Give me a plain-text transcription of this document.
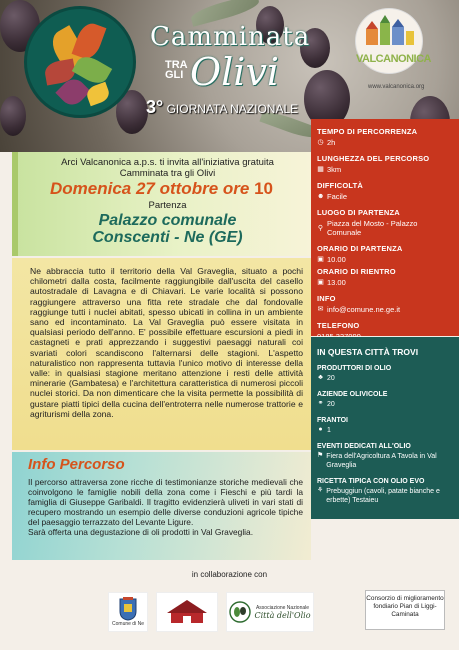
Camminata
TRA
GLI Olivi
3° GIORNATA NAZIONALE
VALCANONICA
www.valcanonica.org
Arci Valcanonica a.p.s. ti invita all'iniziativa gratuita
Camminata tra gli Olivi
Domenica 27 ottobre ore 10
Partenza
Palazzo comunale
Conscenti - Ne (GE)

Ne abbraccia tutto il territorio della Val Graveglia, situato a pochi chilometri dalla costa, facilmente raggiungibile dall'uscita del casello autostradale di Lavagna e di Chiavari. Le varie località si possono raggiungere attraverso una fitta rete stradale che dal fondovalle raggiunge tutti i nuclei abitati, spesso ubicati in collina in un ambiente sano ed incontaminato. La Val Graveglia può essere visitata in qualsiasi periodo dell'anno. E' possibile effettuare escursioni a piedi in castagneti e prati apprezzando i suggestivi paesaggi naturali coi svariati colori scandiscono l'alternarsi delle stagioni. L'aspetto naturalistico non rappresenta tuttavia l'unico motivo di interesse della valle: in qualsiasi stagione meritano attenzione i resti delle attività minerarie (Gambatesa) e l'architettura caratteristica di numerosi piccoli nuclei storici. Da non dimenticare che la visita permette la possibilità di gustare piatti tipici della cucina dell'entroterra nelle numerose trattorie e agriturismi della zona.

Info Percorso

Il percorso attraversa zone ricche di testimonianze storiche medievali che coinvolgono le famiglie nobili della zona come i Fieschi e più tardi la famiglia di Giuseppe Garibaldi. Il tragitto evidenzierà uliveti in vari stati di recupero mostrando un esempio delle diverse conduzioni agricole tipiche del paesaggio terrazzato del Levante Ligure.

Sarà offerta una degustazione di oli prodotti in Val Graveglia.

TEMPO DI PERCORRENZA
◷ 2h
LUNGHEZZA DEL PERCORSO
▦ 3km
DIFFICOLTÀ
☻ Facile
LUOGO DI PARTENZA
⚲ Piazza del Mosto - Palazzo Comunale
ORARIO DI PARTENZA
▣ 10.00
ORARIO DI RIENTRO
▣ 13.00
INFO
✉ info@comune.ne.ge.it
TELEFONO
IN QUESTA CITTÀ TROVI
PRODUTTORI DI OLIO
♣ 20
AZIENDE OLIVICOLE
⚭ 20
FRANTOI
● 1
EVENTI DEDICATI ALL'OLIO
⚑ Fiera dell'Agricoltura A Tavola in Val Graveglia
RICETTA TIPICA CON OLIO EVO
⚘ Prebuggiun (cavoli, patate bianche e erbette) Testaieu
in collaborazione con
Comune di Ne
Associazione Nazionale
Città dell'Olio
Consorzio di miglioramento fondiario Pian di Liggi-Caminata
